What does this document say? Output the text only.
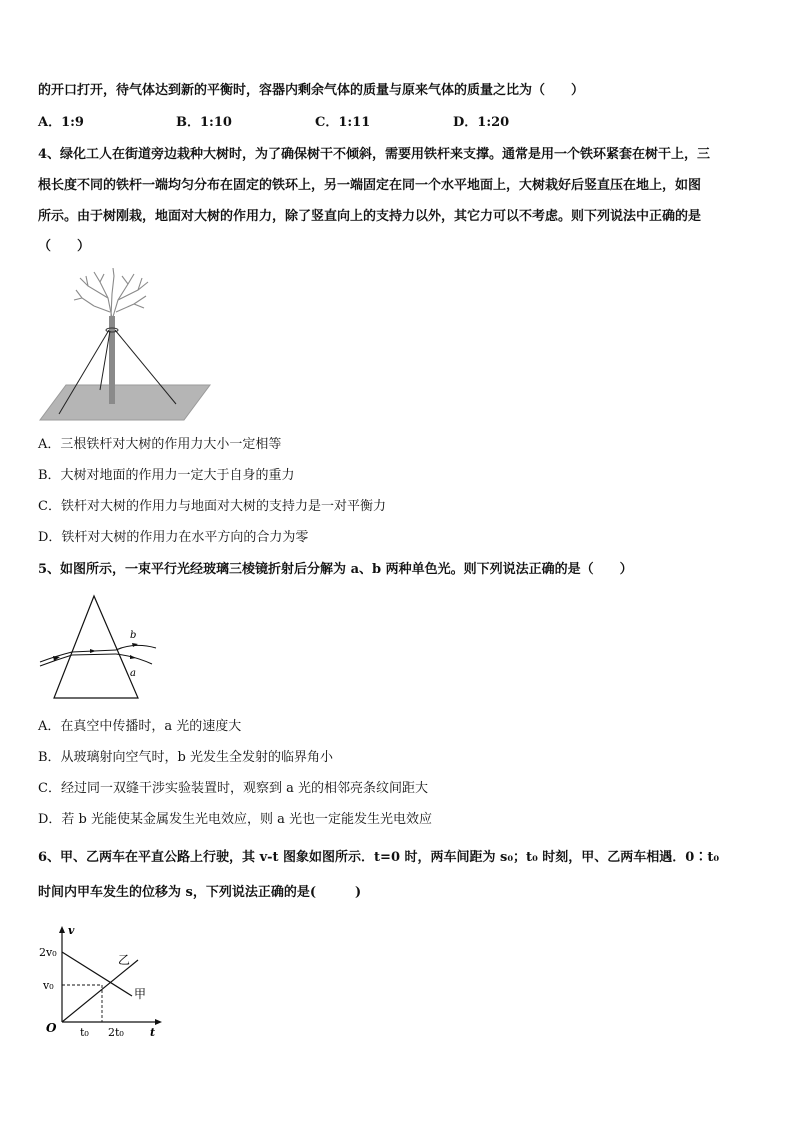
的开口打开，待气体达到新的平衡时，容器内剩余气体的质量与原来气体的质量之比为（　　）
A．1:9	B．1:10	C．1:11	D．1:20
4、绿化工人在街道旁边栽种大树时，为了确保树干不倾斜，需要用铁杆来支撑。通常是用一个铁环紧套在树干上，三
根长度不同的铁杆一端均匀分布在固定的铁环上，另一端固定在同一个水平地面上，大树栽好后竖直压在地上，如图
所示。由于树刚栽，地面对大树的作用力，除了竖直向上的支持力以外，其它力可以不考虑。则下列说法中正确的是
（　　）
A．三根铁杆对大树的作用力大小一定相等
B．大树对地面的作用力一定大于自身的重力
C．铁杆对大树的作用力与地面对大树的支持力是一对平衡力
D．铁杆对大树的作用力在水平方向的合力为零
5、如图所示，一束平行光经玻璃三棱镜折射后分解为 a、b 两种单色光。则下列说法正确的是（　　）
b
a
A．在真空中传播时，a 光的速度大
B．从玻璃射向空气时，b 光发生全发射的临界角小
C．经过同一双缝干涉实验装置时，观察到 a 光的相邻亮条纹间距大
D．若 b 光能使某金属发生光电效应，则 a 光也一定能发生光电效应
6、甲、乙两车在平直公路上行驶，其 v-t 图象如图所示．t=0 时，两车间距为 s₀；t₀ 时刻，甲、乙两车相遇．0∶t₀
时间内甲车发生的位移为 s，下列说法正确的是(　　　)
v
t
O
2v₀
v₀
t₀ 2t₀
乙
甲
